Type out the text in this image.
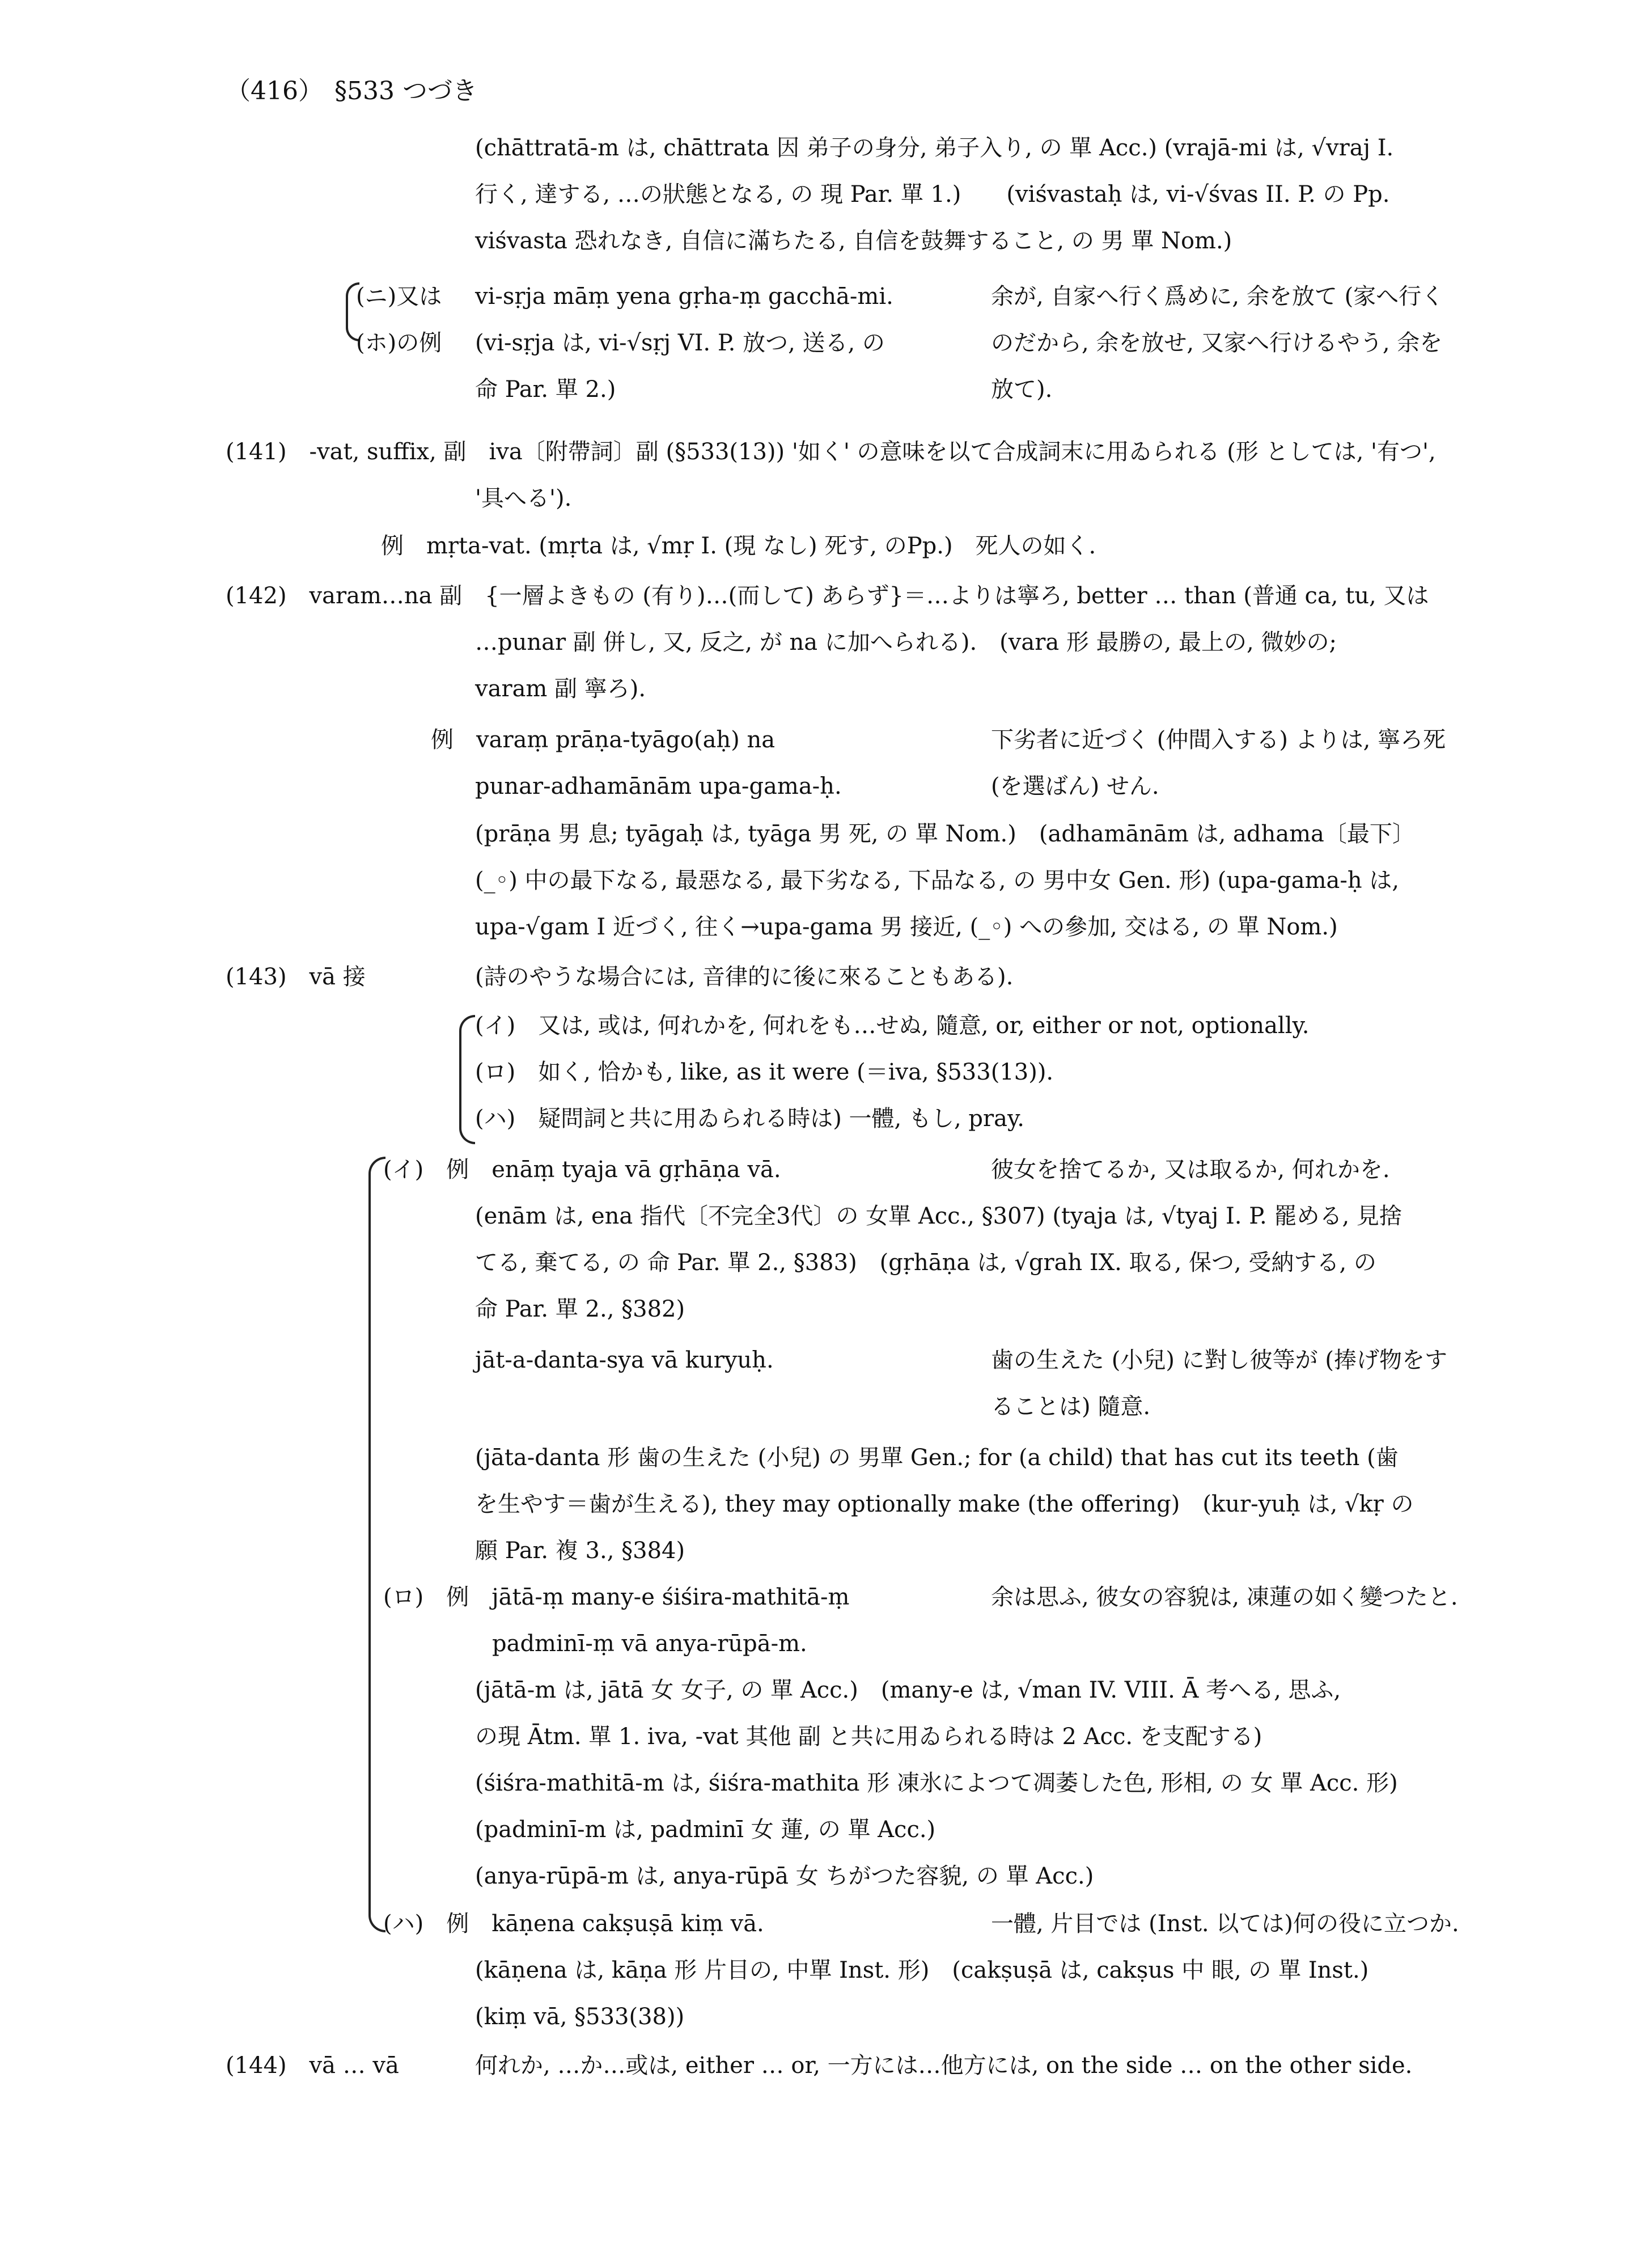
（416） §533 つづき
(chāttratā-m は, chāttrata 因 弟子の身分, 弟子入り, の 單 Acc.) (vrajā-mi は, √vraj I.
行く, 達する, …の狀態となる, の 現 Par. 單 1.)　　(viśvastaḥ は, vi-√śvas II. P. の Pp.
viśvasta 恐れなき, 自信に滿ちたる, 自信を鼓舞すること, の 男 單 Nom.)
(ニ)又は vi-sṛja māṃ yena gṛha-ṃ gacchā-mi.	余が, 自家へ行く爲めに, 余を放て (家へ行く
(ホ)の例 (vi-sṛja は, vi-√sṛj VI. P. 放つ, 送る, の	のだから, 余を放せ, 又家へ行けるやう, 余を
命 Par. 單 2.)	放て).
(141)　-vat, suffix, 副　iva〔附帶詞〕副 (§533(13)) '如く' の意味を以て合成詞末に用ゐられる (形 としては, '有つ',
'具へる').
例　mṛta-vat. (mṛta は, √mṛ I. (現 なし) 死す, のPp.)　死人の如く.
(142)　varam…na 副　{一層よきもの (有り)…(而して) あらず}＝…よりは寧ろ, better … than (普通 ca, tu, 又は
…punar 副 併し, 又, 反之, が na に加へられる).　(vara 形 最勝の, 最上の, 微妙の;
varam 副 寧ろ).
例　varaṃ prāṇa-tyāgo(aḥ) na	下劣者に近づく (仲間入する) よりは, 寧ろ死
punar-adhamānām upa-gama-ḥ.	(を選ばん) せん.
(prāṇa 男 息; tyāgaḥ は, tyāga 男 死, の 單 Nom.)　(adhamānām は, adhama〔最下〕
(_◦) 中の最下なる, 最惡なる, 最下劣なる, 下品なる, の 男中女 Gen. 形) (upa-gama-ḥ は,
upa-√gam I 近づく, 往く→upa-gama 男 接近, (_◦) への參加, 交はる, の 單 Nom.)
(143)　vā 接	(詩のやうな場合には, 音律的に後に來ることもある).
(イ)　又は, 或は, 何れかを, 何れをも…せぬ, 隨意, or, either or not, optionally.
(ロ)　如く, 恰かも, like, as it were (＝iva, §533(13)).
(ハ)　疑問詞と共に用ゐられる時は) 一體, もし, pray.
(イ)　例　enāṃ tyaja vā gṛhāṇa vā.	彼女を捨てるか, 又は取るか, 何れかを.
(enām は, ena 指代〔不完全3代〕の 女單 Acc., §307) (tyaja は, √tyaj I. P. 罷める, 見捨
てる, 棄てる, の 命 Par. 單 2., §383)　(gṛhāṇa は, √grah IX. 取る, 保つ, 受納する, の
命 Par. 單 2., §382)
jāt-a-danta-sya vā kuryuḥ.	歯の生えた (小兒) に對し彼等が (捧げ物をす
ることは) 隨意.
(jāta-danta 形 歯の生えた (小兒) の 男單 Gen.; for (a child) that has cut its teeth (歯
を生やす＝歯が生える), they may optionally make (the offering)　(kur-yuḥ は, √kṛ の
願 Par. 複 3., §384)
(ロ)　例　jātā-ṃ many-e śiśira-mathitā-ṃ	余は思ふ, 彼女の容貌は, 凍蓮の如く變つたと.
padminī-ṃ vā anya-rūpā-m.
(jātā-m は, jātā 女 女子, の 單 Acc.)　(many-e は, √man IV. VIII. Ā 考へる, 思ふ,
の現 Ātm. 單 1. iva, -vat 其他 副 と共に用ゐられる時は 2 Acc. を支配する)
(śiśra-mathitā-m は, śiśra-mathita 形 凍氷によつて凋萎した色, 形相, の 女 單 Acc. 形)
(padminī-m は, padminī 女 蓮, の 單 Acc.)
(anya-rūpā-m は, anya-rūpā 女 ちがつた容貌, の 單 Acc.)
(ハ)　例　kāṇena cakṣuṣā kiṃ vā.	一體, 片目では (Inst. 以ては)何の役に立つか.
(kāṇena は, kāṇa 形 片目の, 中單 Inst. 形)　(cakṣuṣā は, cakṣus 中 眼, の 單 Inst.)
(kiṃ vā, §533(38))
(144)　vā … vā	何れか, …か…或は, either … or, 一方には…他方には, on the side … on the other side.
